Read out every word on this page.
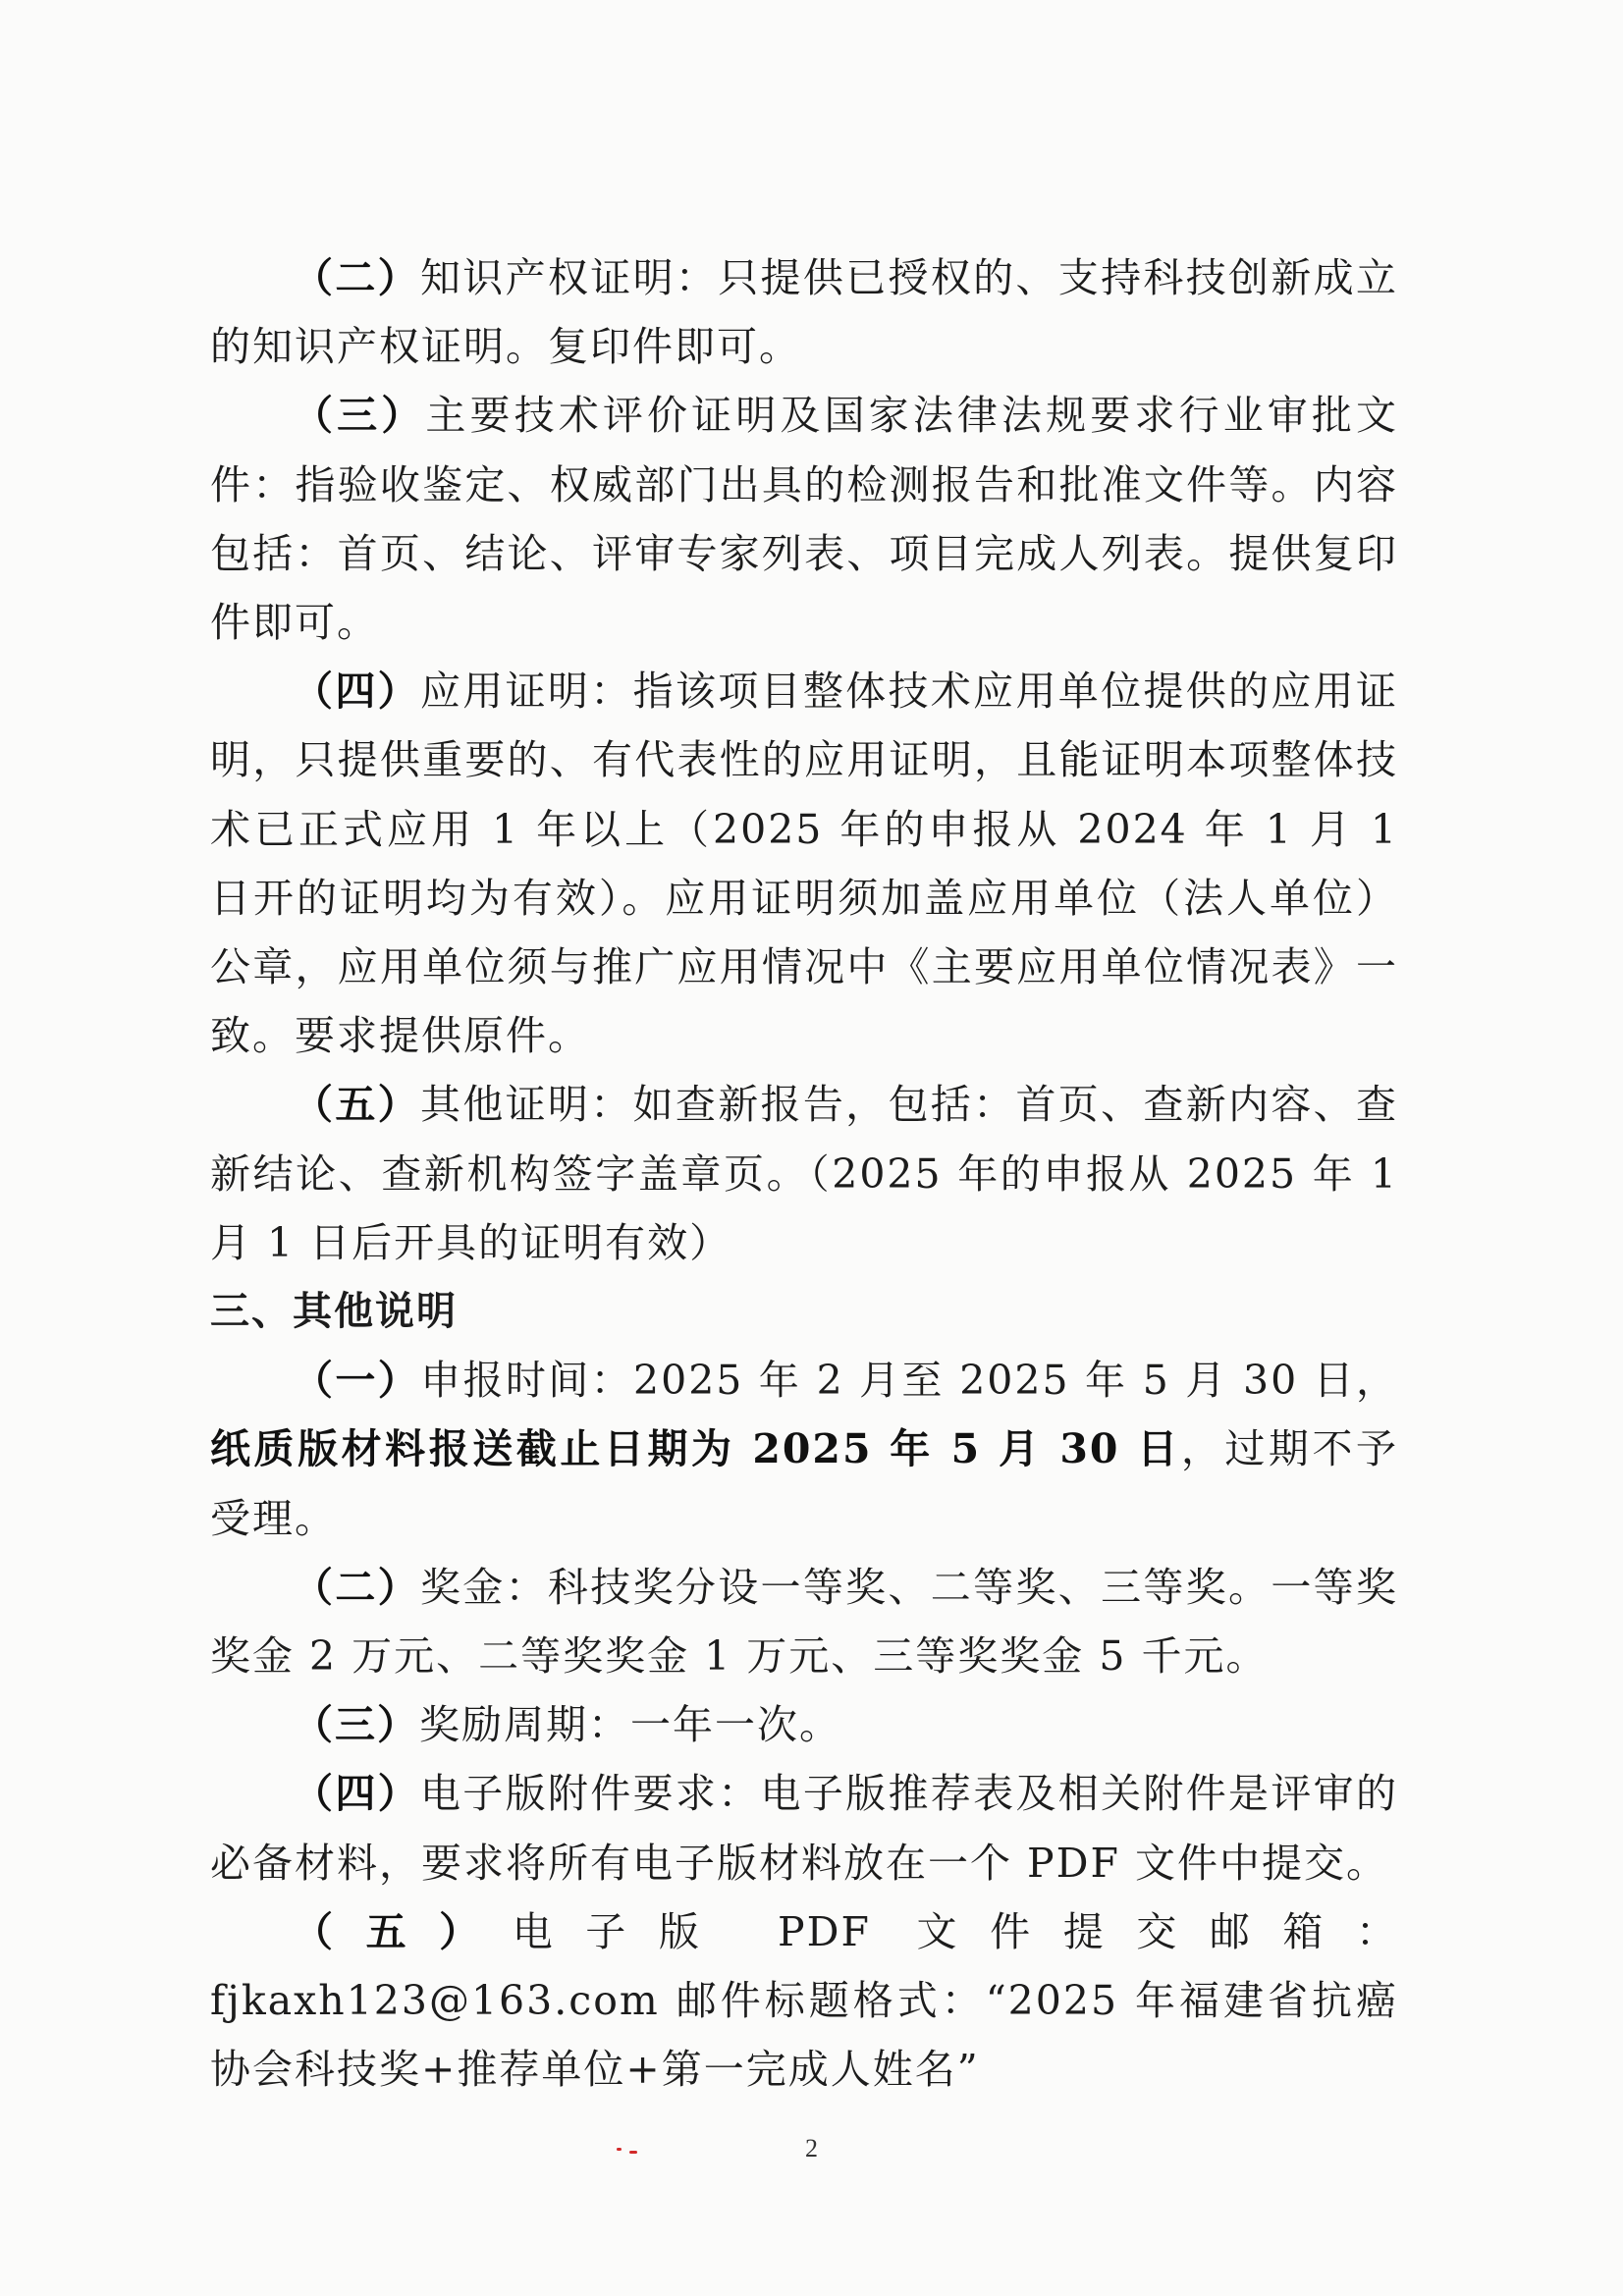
（二）知识产权证明：只提供已授权的、支持科技创新成立的知识产权证明。复印件即可。

（三）主要技术评价证明及国家法律法规要求行业审批文件：指验收鉴定、权威部门出具的检测报告和批准文件等。内容包括：首页、结论、评审专家列表、项目完成人列表。提供复印件即可。

（四）应用证明：指该项目整体技术应用单位提供的应用证明，只提供重要的、有代表性的应用证明，且能证明本项整体技术已正式应用 1 年以上（2025 年的申报从 2024 年 1 月 1 日开的证明均为有效）。应用证明须加盖应用单位（法人单位）公章，应用单位须与推广应用情况中《主要应用单位情况表》一致。要求提供原件。

（五）其他证明：如查新报告，包括：首页、查新内容、查新结论、查新机构签字盖章页。（2025 年的申报从 2025 年 1 月 1 日后开具的证明有效）

三、其他说明

（一）申报时间：2025 年 2 月至 2025 年 5 月 30 日，纸质版材料报送截止日期为 2025 年 5 月 30 日，过期不予受理。

（二）奖金：科技奖分设一等奖、二等奖、三等奖。一等奖奖金 2 万元、二等奖奖金 1 万元、三等奖奖金 5 千元。

（三）奖励周期：一年一次。

（四）电子版附件要求：电子版推荐表及相关附件是评审的必备材料，要求将所有电子版材料放在一个 PDF 文件中提交。

（五）电子版 PDF 文件提交邮箱：fjkaxh123@163.com 邮件标题格式：“2025 年福建省抗癌协会科技奖+推荐单位+第一完成人姓名”

2
